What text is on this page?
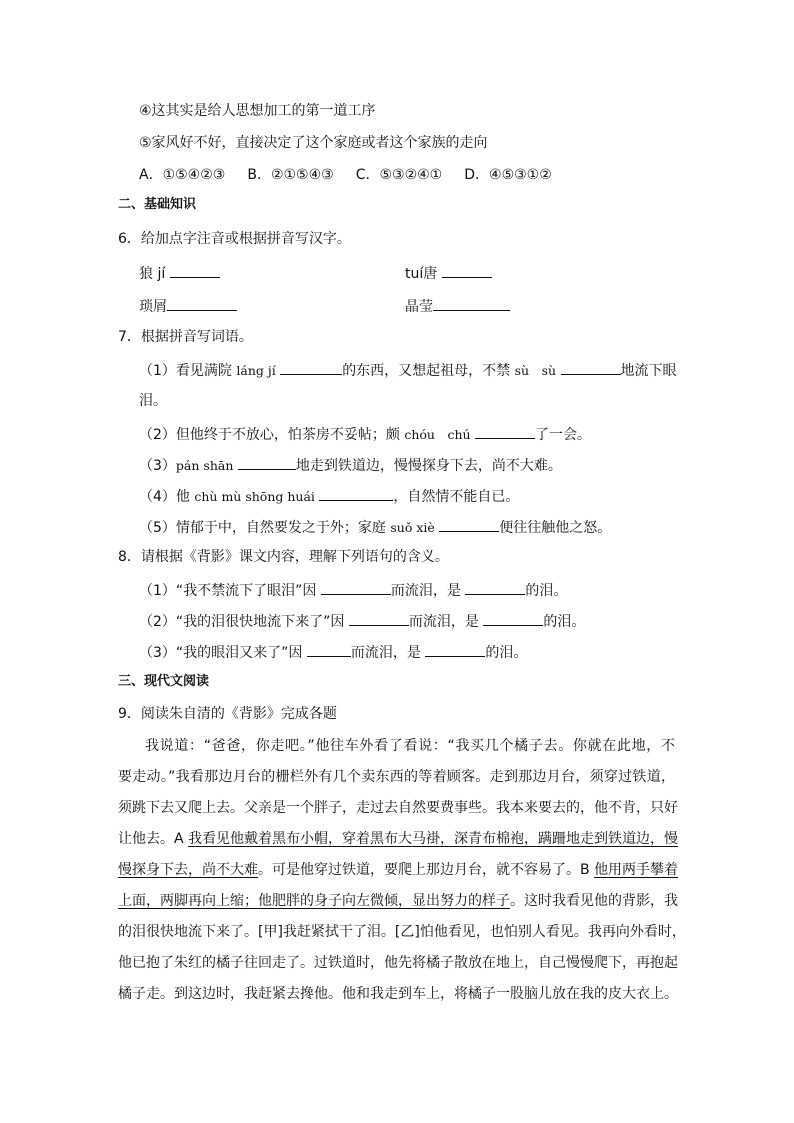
④这其实是给人思想加工的第一道工序
⑤家风好不好，直接决定了这个家庭或者这个家族的走向
A．①⑤④②③ B．②①⑤④③ C．⑤③②④① D．④⑤③①②
二、基础知识
6．给加点字注音或根据拼音写汉字。
狼 jí	tuí唐
琐屑	晶莹
7．根据拼音写词语。
（1）看见满院 láng jí	的东西，又想起祖母，不禁 sù　sù	地流下眼
泪。
（2）但他终于不放心，怕茶房不妥帖；颇 chóu　chú	了一会。
（3）pán shān	地走到铁道边，慢慢探身下去，尚不大难。
（4）他 chù mù shōng huái	，自然情不能自已。
（5）情郁于中，自然要发之于外；家庭 suǒ xiè	便往往触他之怒。
8．请根据《背影》课文内容，理解下列语句的含义。
（1）“我不禁流下了眼泪”因	而流泪，是	的泪。
（2）“我的泪很快地流下来了”因	而流泪，是	的泪。
（3）“我的眼泪又来了”因	而流泪，是	的泪。
三、现代文阅读
9．阅读朱自清的《背影》完成各题
我说道：“爸爸，你走吧。”他往车外看了看说：“我买几个橘子去。你就在此地，不
要走动。”我看那边月台的栅栏外有几个卖东西的等着顾客。走到那边月台，须穿过铁道，
须跳下去又爬上去。父亲是一个胖子，走过去自然要费事些。我本来要去的，他不肯，只好
让他去。A 我看见他戴着黑布小帽，穿着黑布大马褂，深青布棉袍，蹒跚地走到铁道边，慢
慢探身下去，尚不大难。可是他穿过铁道，要爬上那边月台，就不容易了。B 他用两手攀着
上面，两脚再向上缩；他肥胖的身子向左微倾，显出努力的样子。这时我看见他的背影，我
的泪很快地流下来了。[甲]我赶紧拭干了泪。[乙]怕他看见，也怕别人看见。我再向外看时，
他已抱了朱红的橘子往回走了。过铁道时，他先将橘子散放在地上，自己慢慢爬下，再抱起
橘子走。到这边时，我赶紧去搀他。他和我走到车上，将橘子一股脑儿放在我的皮大衣上。
